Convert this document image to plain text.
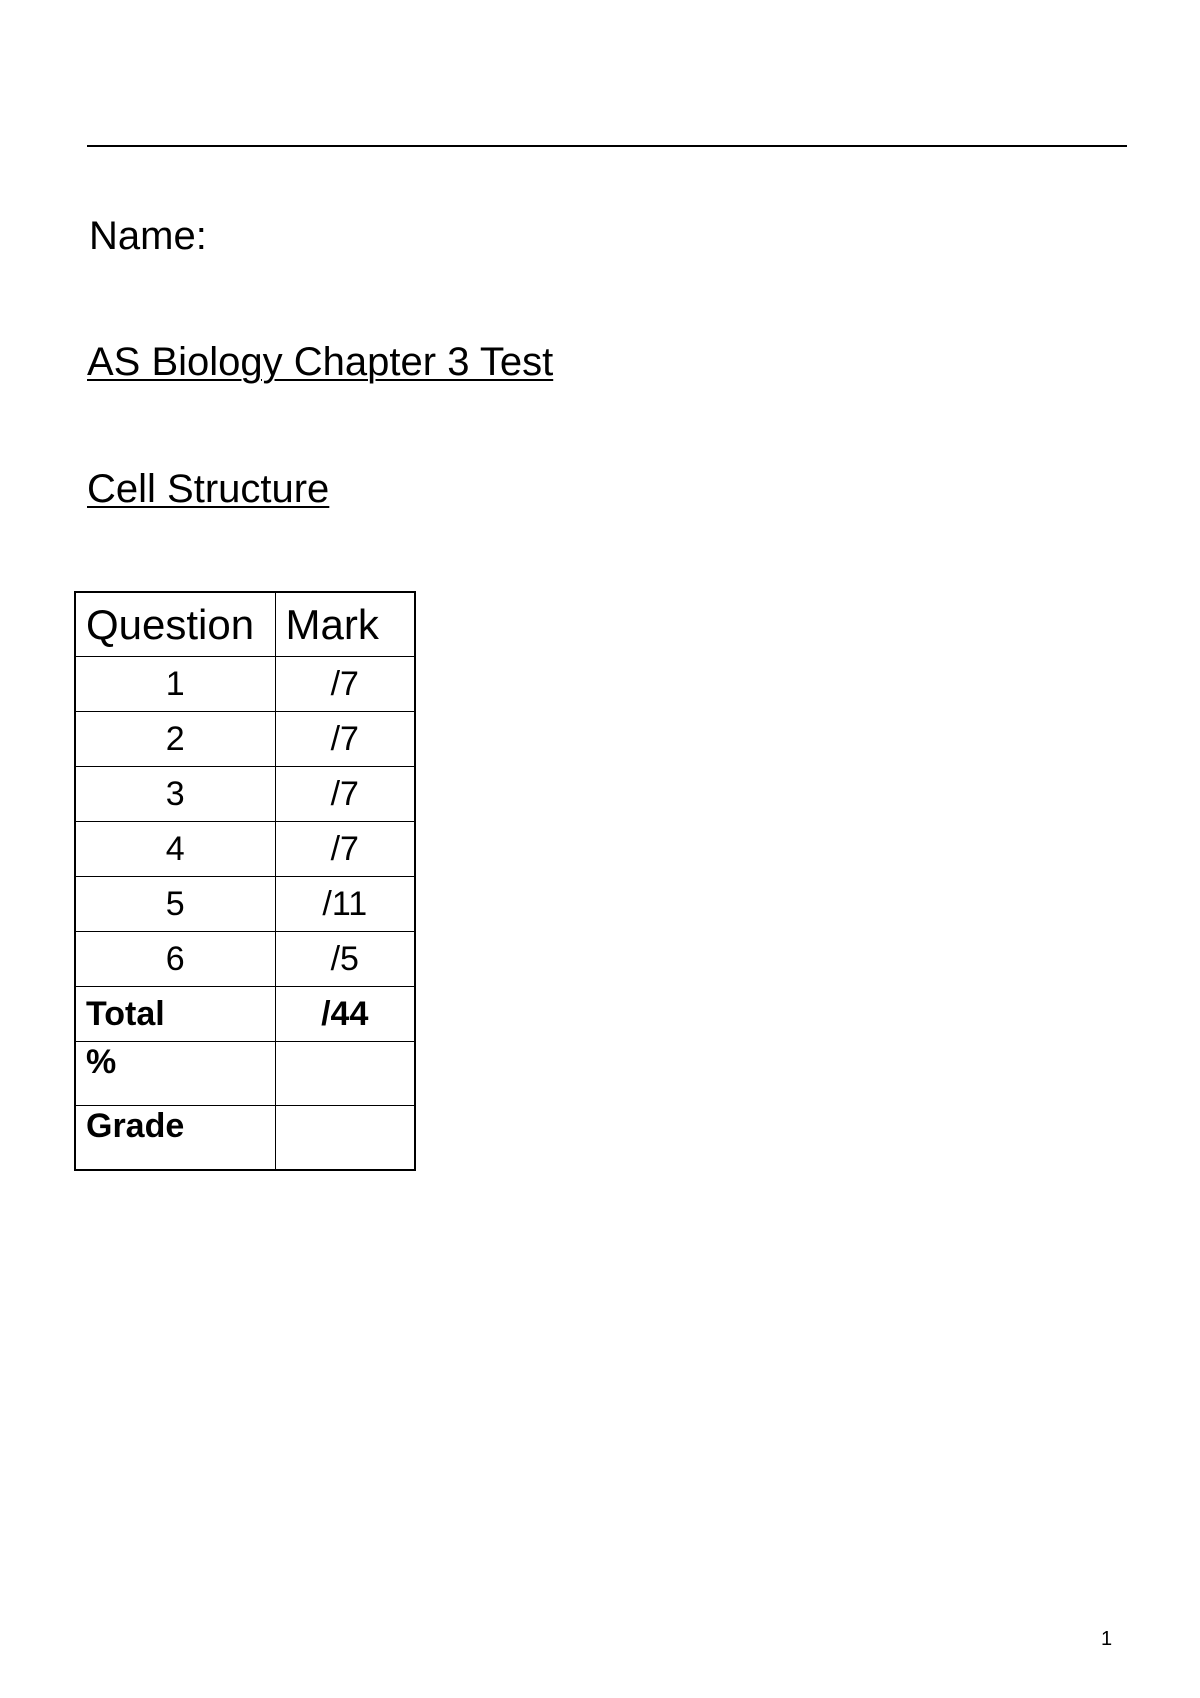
Name:
AS Biology Chapter 3 Test
Cell Structure
Question	Mark
1	/7
2	/7
3	/7
4	/7
5	/11
6	/5
Total	/44
%	
Grade	
1
